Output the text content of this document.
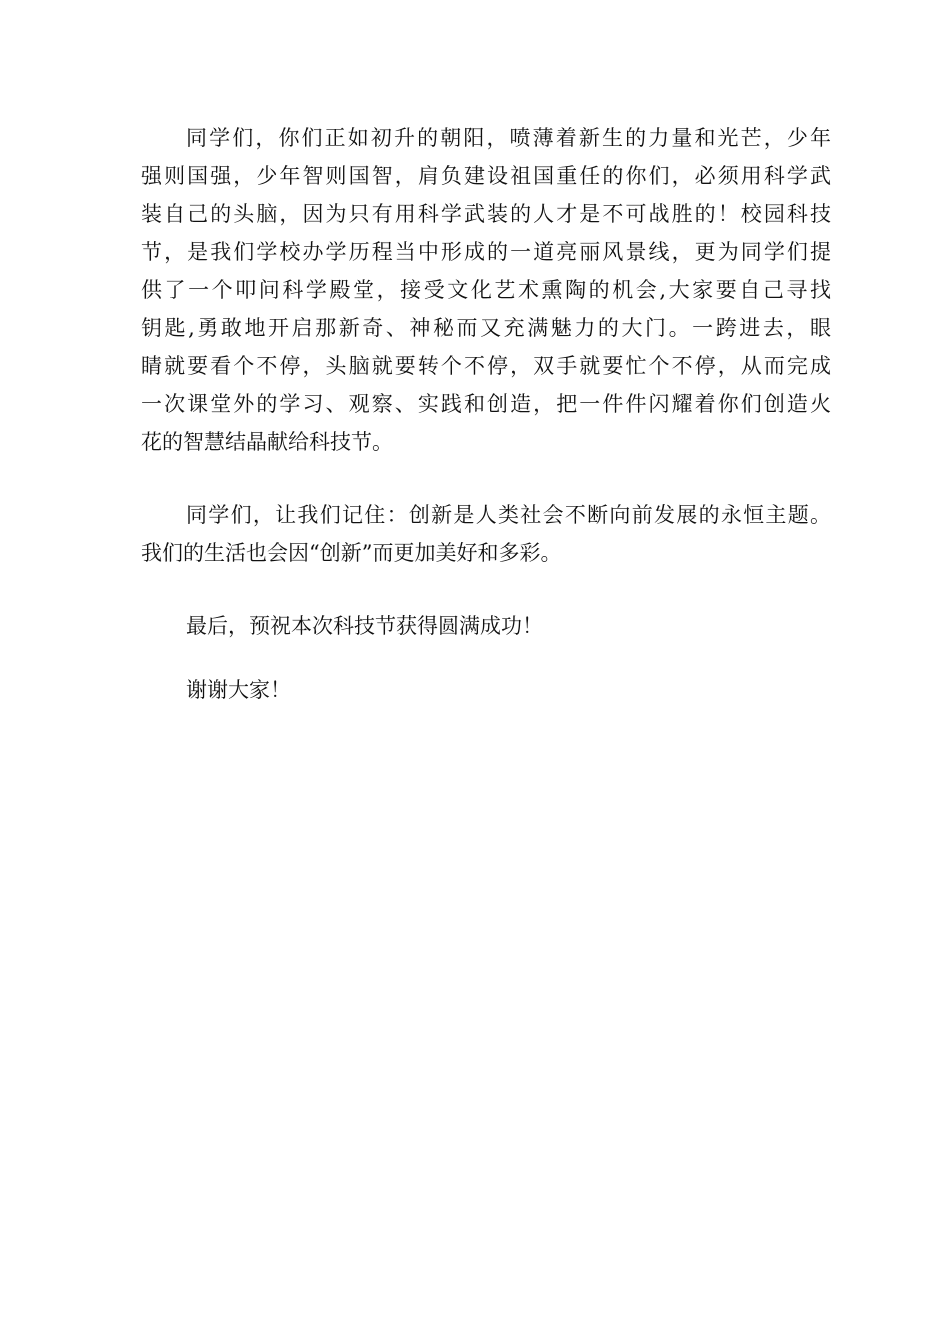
同学们，你们正如初升的朝阳，喷薄着新生的力量和光芒，少年
强则国强，少年智则国智，肩负建设祖国重任的你们，必须用科学武
装自己的头脑，因为只有用科学武装的人才是不可战胜的！校园科技
节，是我们学校办学历程当中形成的一道亮丽风景线，更为同学们提
供了一个叩问科学殿堂，接受文化艺术熏陶的机会,大家要自己寻找
钥匙,勇敢地开启那新奇、神秘而又充满魅力的大门。一跨进去，眼
睛就要看个不停，头脑就要转个不停，双手就要忙个不停，从而完成
一次课堂外的学习、观察、实践和创造，把一件件闪耀着你们创造火
花的智慧结晶献给科技节。
同学们，让我们记住：创新是人类社会不断向前发展的永恒主题。
我们的生活也会因“创新”而更加美好和多彩。
最后，预祝本次科技节获得圆满成功！
谢谢大家！
